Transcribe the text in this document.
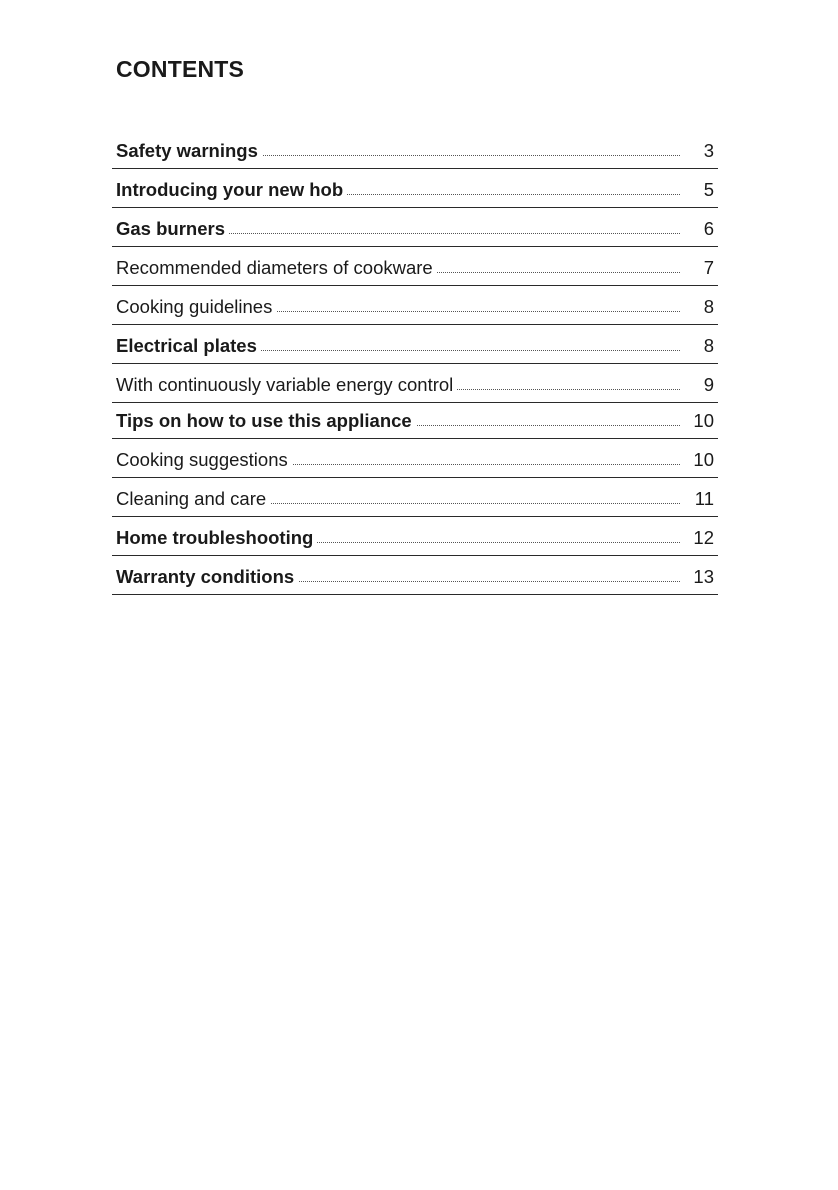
CONTENTS
Safety warnings	3
Introducing your new hob	5
Gas burners	6
Recommended diameters of cookware	7
Cooking guidelines	8
Electrical plates	8
With continuously variable energy control	9
Tips on how to use this appliance	10
Cooking suggestions	10
Cleaning and care	11
Home troubleshooting	12
Warranty conditions	13
